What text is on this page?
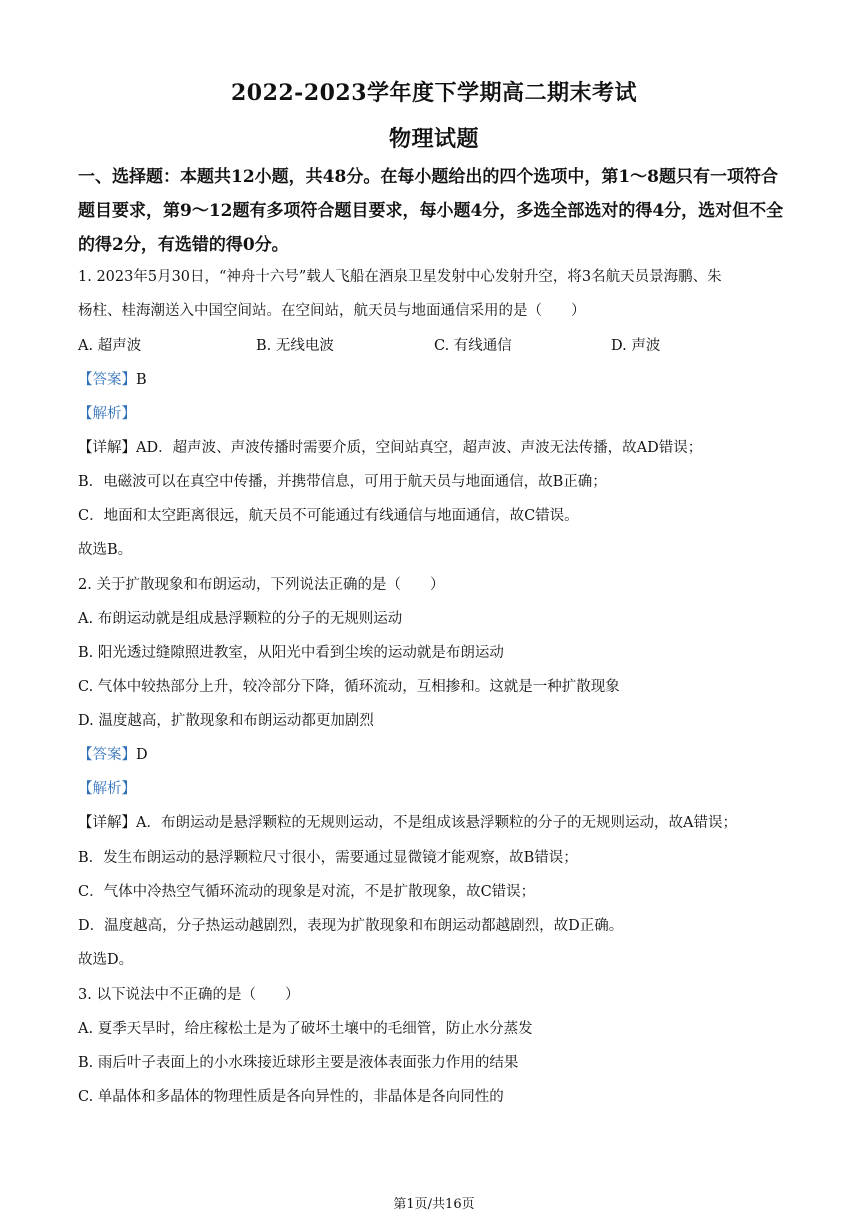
2022-2023学年度下学期高二期末考试
物理试题
一、选择题：本题共12小题，共48分。在每小题给出的四个选项中，第1～8题只有一项符合题目要求，第9～12题有多项符合题目要求，每小题4分，多选全部选对的得4分，选对但不全的得2分，有选错的得0分。
1. 2023年5月30日，“神舟十六号”载人飞船在酒泉卫星发射中心发射升空，将3名航天员景海鹏、朱
杨柱、桂海潮送入中国空间站。在空间站，航天员与地面通信采用的是（　　）
A. 超声波	B. 无线电波	C. 有线通信	D. 声波
【答案】B
【解析】
【详解】AD．超声波、声波传播时需要介质，空间站真空，超声波、声波无法传播，故AD错误；
B．电磁波可以在真空中传播，并携带信息，可用于航天员与地面通信，故B正确；
C．地面和太空距离很远，航天员不可能通过有线通信与地面通信，故C错误。
故选B。
2. 关于扩散现象和布朗运动，下列说法正确的是（　　）
A. 布朗运动就是组成悬浮颗粒的分子的无规则运动
B. 阳光透过缝隙照进教室，从阳光中看到尘埃的运动就是布朗运动
C. 气体中较热部分上升，较冷部分下降，循环流动，互相掺和。这就是一种扩散现象
D. 温度越高，扩散现象和布朗运动都更加剧烈
【答案】D
【解析】
【详解】A．布朗运动是悬浮颗粒的无规则运动，不是组成该悬浮颗粒的分子的无规则运动，故A错误；
B．发生布朗运动的悬浮颗粒尺寸很小，需要通过显微镜才能观察，故B错误；
C．气体中冷热空气循环流动的现象是对流，不是扩散现象，故C错误；
D．温度越高，分子热运动越剧烈，表现为扩散现象和布朗运动都越剧烈，故D正确。
故选D。
3. 以下说法中不正确的是（　　）
A. 夏季天旱时，给庄稼松土是为了破坏土壤中的毛细管，防止水分蒸发
B. 雨后叶子表面上的小水珠接近球形主要是液体表面张力作用的结果
C. 单晶体和多晶体的物理性质是各向异性的，非晶体是各向同性的
第1页/共16页
